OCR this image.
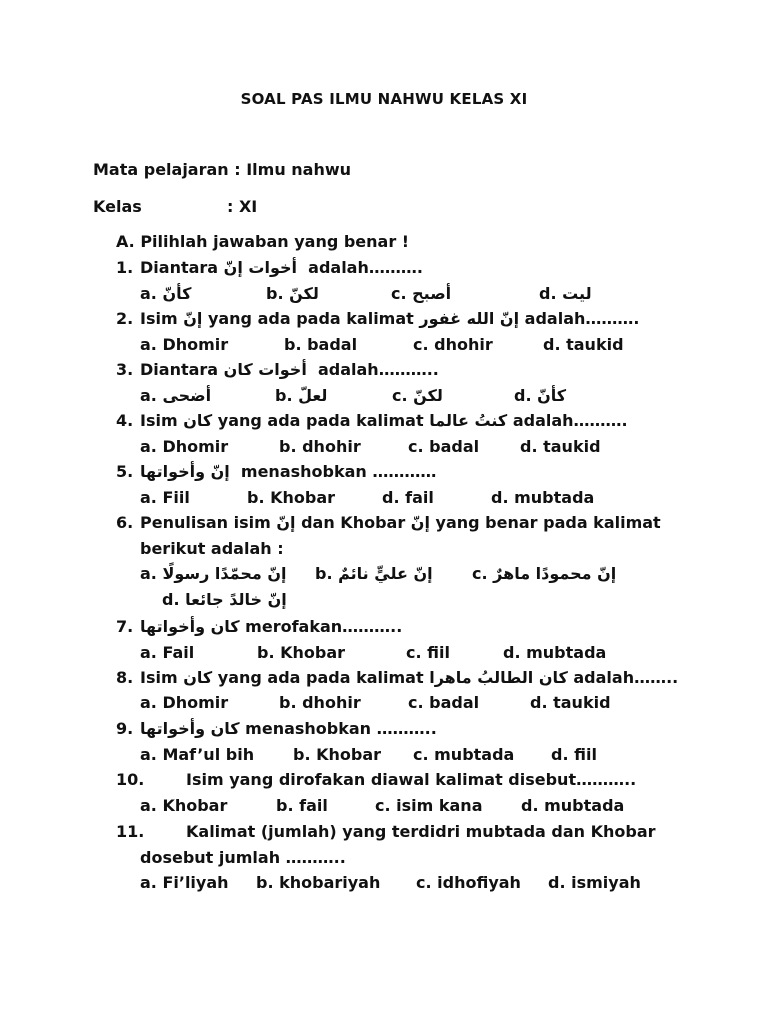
SOAL PAS ILMU NAHWU KELAS XI
Mata pelajaran : Ilmu nahwu
Kelas	: XI
A. Pilihlah jawaban yang benar !
1. Diantara أخوات إنّ adalah……….
a. كأنّ	b. لكنّ	c. أصبح	d. ليت
2. Isim إنّ yang ada pada kalimat إنّ الله غفور adalah……….
a. Dhomir	b. badal	c. dhohir	d. taukid
3. Diantara أخوات كان adalah………..
a. أضحى	b. لعلّ	c. لكنّ	d. كأنّ
4. Isim كان yang ada pada kalimat كنتُ عالما adalah……….
a. Dhomir	b. dhohir	c. badal	d. taukid
5. إنّ وأخواتها menashobkan …………
a. Fiil	b. Khobar	d. fail	d. mubtada
6. Penulisan isim إنّ dan Khobar إنّ yang benar pada kalimat
berikut adalah :
a. إنّ محمّدًا رسولًا b. إنّ عليٍّ نائمٌ c. إنّ محمودًا ماهرٌ
d. إنّ خالدً جائعا
7. كان وأخواتها merofakan………..
a. Fail	b. Khobar	c. fiil	d. mubtada
8. Isim كان yang ada pada kalimat كان الطالبُ ماهرا adalah……..
a. Dhomir	b. dhohir	c. badal	d. taukid
9. كان وأخواتها menashobkan ………..
a. Maf’ul bih b. Khobar c. mubtada d. fiil
10.	Isim yang dirofakan diawal kalimat disebut………..
a. Khobar	b. fail	c. isim kana d. mubtada
11.	Kalimat (jumlah) yang terdidri mubtada dan Khobar
dosebut jumlah ………..
a. Fi’liyah b. khobariyah c. idhofiyah d. ismiyah
